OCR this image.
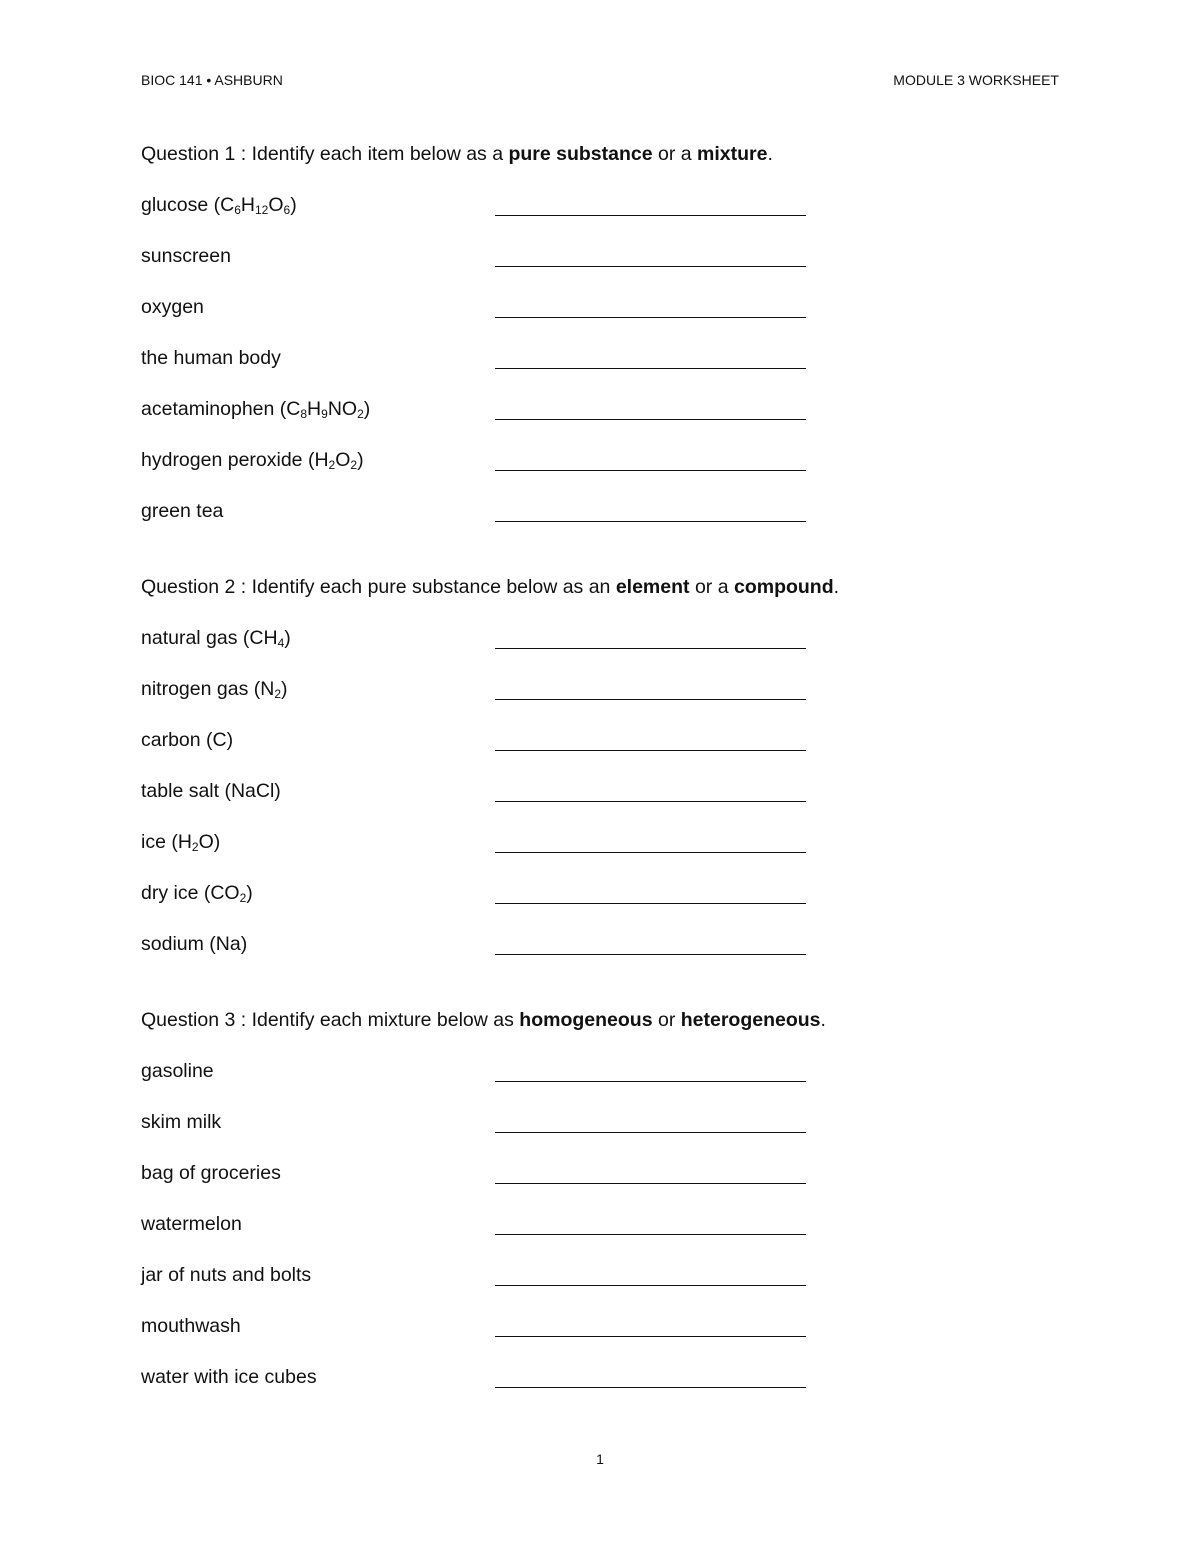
BIOC 141 • ASHBURN	MODULE 3 WORKSHEET
Question 1 : Identify each item below as a pure substance or a mixture.
glucose $(C_6H_{12}O_6)$
sunscreen
oxygen
the human body
acetaminophen $(C_8H_9NO_2)$
hydrogen peroxide $(H_2O_2)$
green tea
Question 2 : Identify each pure substance below as an element or a compound.
natural gas $(CH_4)$
nitrogen gas $(N_2)$
carbon (C)
table salt (NaCl)
ice $(H_2O)$
dry ice $(CO_2)$
sodium (Na)
Question 3 : Identify each mixture below as homogeneous or heterogeneous.
gasoline
skim milk
bag of groceries
watermelon
jar of nuts and bolts
mouthwash
water with ice cubes
1
